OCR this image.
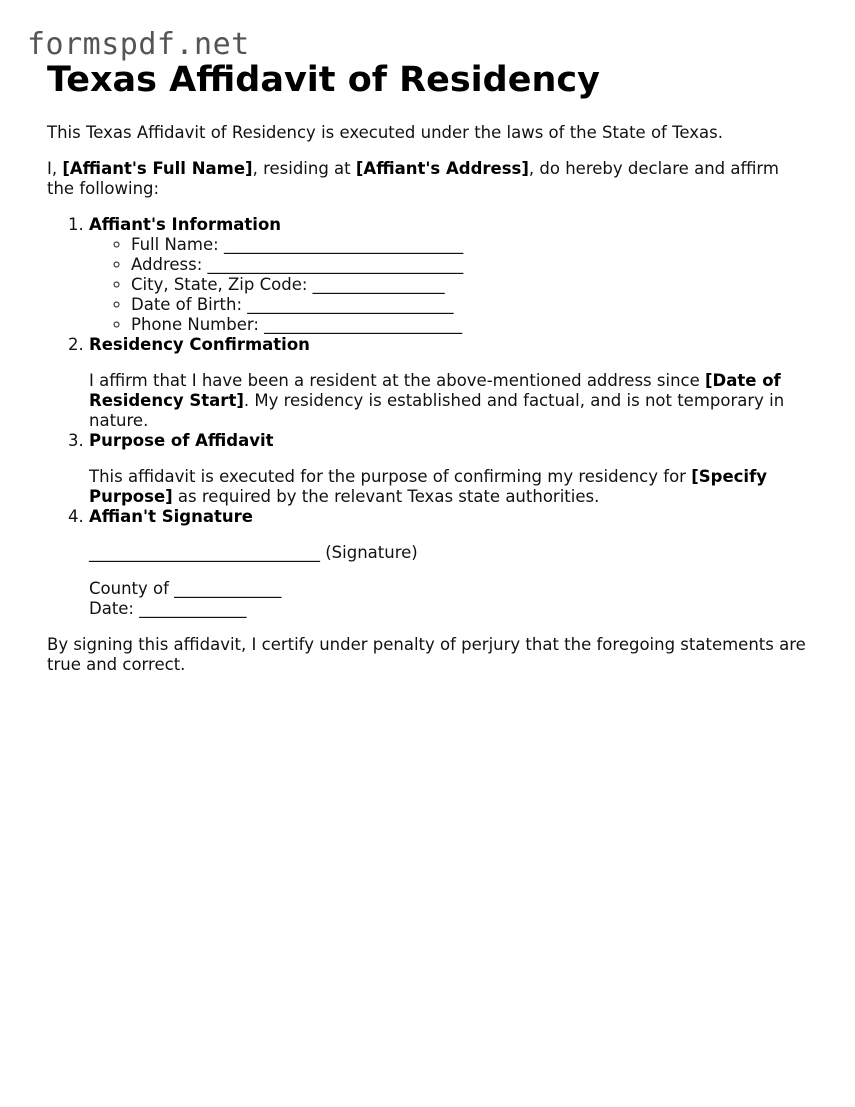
formspdf.net
Texas Affidavit of Residency

This Texas Affidavit of Residency is executed under the laws of the State of Texas.

I, [Affiant's Full Name], residing at [Affiant's Address], do hereby declare and affirm the following:

1. Affiant's Information
◦ Full Name: _____________________________
◦ Address: _______________________________
◦ City, State, Zip Code: ________________
◦ Date of Birth: _________________________
◦ Phone Number: ________________________
2. Residency Confirmation

I affirm that I have been a resident at the above-mentioned address since [Date of Residency Start]. My residency is established and factual, and is not temporary in nature.

3. Purpose of Affidavit

This affidavit is executed for the purpose of confirming my residency for [Specify Purpose] as required by the relevant Texas state authorities.

4. Affian't Signature

____________________________ (Signature)

County of _____________
Date: _____________

By signing this affidavit, I certify under penalty of perjury that the foregoing statements are true and correct.
